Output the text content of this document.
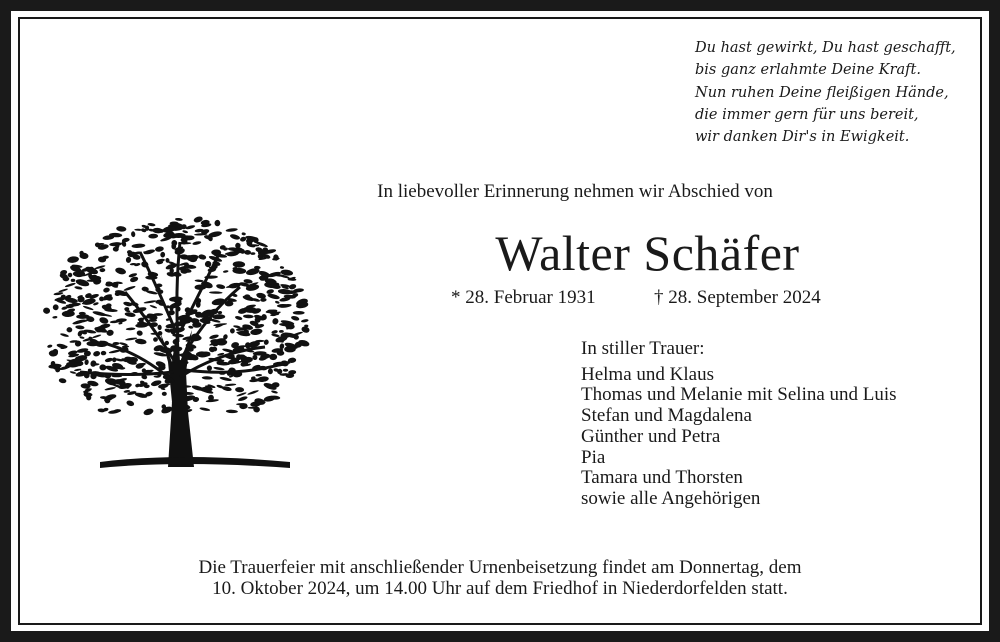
Du hast gewirkt, Du hast geschafft,
bis ganz erlahmte Deine Kraft.
Nun ruhen Deine fleißigen Hände,
die immer gern für uns bereit,
wir danken Dir's in Ewigkeit.
In liebevoller Erinnerung nehmen wir Abschied von
Walter Schäfer
* 28. Februar 1931	† 28. September 2024
In stiller Trauer:
Helma und Klaus
Thomas und Melanie mit Selina und Luis
Stefan und Magdalena
Günther und Petra
Pia
Tamara und Thorsten
sowie alle Angehörigen
Die Trauerfeier mit anschließender Urnenbeisetzung findet am Donnertag, dem
10. Oktober 2024, um 14.00 Uhr auf dem Friedhof in Niederdorfelden statt.
